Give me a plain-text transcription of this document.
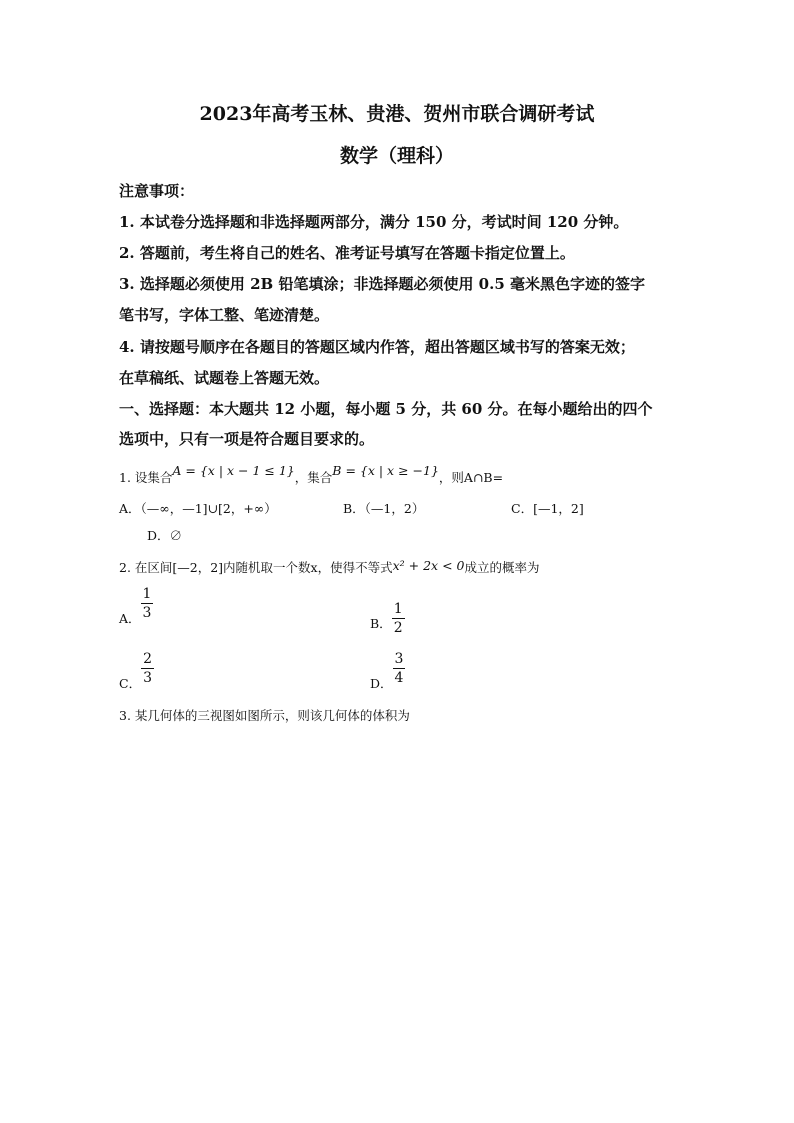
2023年高考玉林、贵港、贺州市联合调研考试
数学（理科）
注意事项：
1. 本试卷分选择题和非选择题两部分，满分 150 分，考试时间 120 分钟。
2. 答题前，考生将自己的姓名、准考证号填写在答题卡指定位置上。
3. 选择题必须使用 2B 铅笔填涂；非选择题必须使用 0.5 毫米黑色字迹的签字
笔书写，字体工整、笔迹清楚。
4. 请按题号顺序在各题目的答题区域内作答，超出答题区域书写的答案无效；
在草稿纸、试题卷上答题无效。
一、选择题：本大题共 12 小题，每小题 5 分，共 60 分。在每小题给出的四个
选项中，只有一项是符合题目要求的。
1. 设集合A = {x | x − 1 ≤ 1}，集合B = {x | x ≥ −1}，则A∩B=
A．（—∞，—1]∪[2，+∞）	B．（—1，2）	C．[—1，2]
D．∅
2. 在区间[—2，2]内随机取一个数x，使得不等式x² + 2x < 0成立的概率为
A． $\frac{1}{3}$
B． $\frac{1}{2}$
C． $\frac{2}{3}$	D． $\frac{3}{4}$
3. 某几何体的三视图如图所示，则该几何体的体积为
